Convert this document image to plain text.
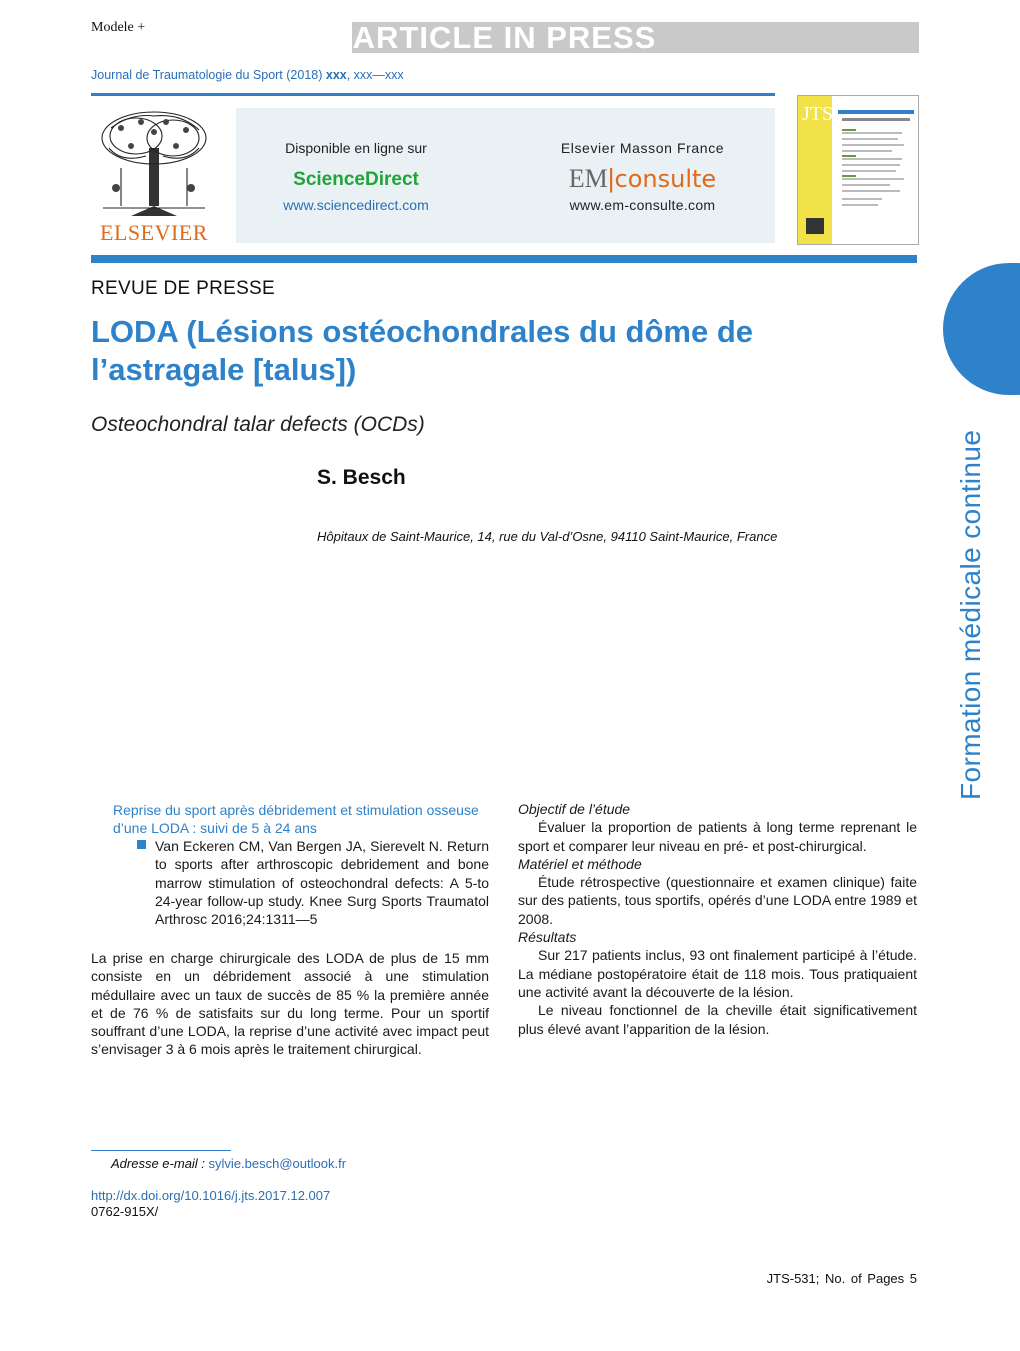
Modele +	ARTICLE IN PRESS
Journal de Traumatologie du Sport (2018) xxx, xxx—xxx
ELSEVIER
Disponible en ligne sur
ScienceDirect
www.sciencedirect.com
Elsevier Masson France
EM|consulte
www.em-consulte.com
JTS
Formation médicale continue
REVUE DE PRESSE
LODA (Lésions ostéochondrales du dôme de l’astragale [talus])
Osteochondral talar defects (OCDs)
S. Besch
Hôpitaux de Saint-Maurice, 14, rue du Val-d’Osne, 94110 Saint-Maurice, France
Reprise du sport après débridement et stimulation osseuse d’une LODA : suivi de 5 à 24 ans
Van Eckeren CM, Van Bergen JA, Sierevelt N. Return to sports after arthroscopic debridement and bone marrow stimulation of osteochondral defects: A 5-to 24-year follow-up study. Knee Surg Sports Traumatol Arthrosc 2016;24:1311—5

La prise en charge chirurgicale des LODA de plus de 15 mm consiste en un débridement associé à une stimulation médullaire avec un taux de succès de 85 % la première année et de 76 % de satisfaits sur du long terme. Pour un sportif souffrant d’une LODA, la reprise d’une activité avec impact peut s’envisager 3 à 6 mois après le traitement chirurgical.

Objectif de l’étude

Évaluer la proportion de patients à long terme reprenant le sport et comparer leur niveau en pré- et post-chirurgical.

Matériel et méthode

Étude rétrospective (questionnaire et examen clinique) faite sur des patients, tous sportifs, opérés d’une LODA entre 1989 et 2008.

Résultats

Sur 217 patients inclus, 93 ont finalement participé à l’étude. La médiane postopératoire était de 118 mois. Tous pratiquaient une activité avant la découverte de la lésion.

Le niveau fonctionnel de la cheville était significativement plus élevé avant l’apparition de la lésion.

Adresse e-mail : sylvie.besch@outlook.fr
http://dx.doi.org/10.1016/j.jts.2017.12.007
0762-915X/
JTS-531; No. of Pages 5
